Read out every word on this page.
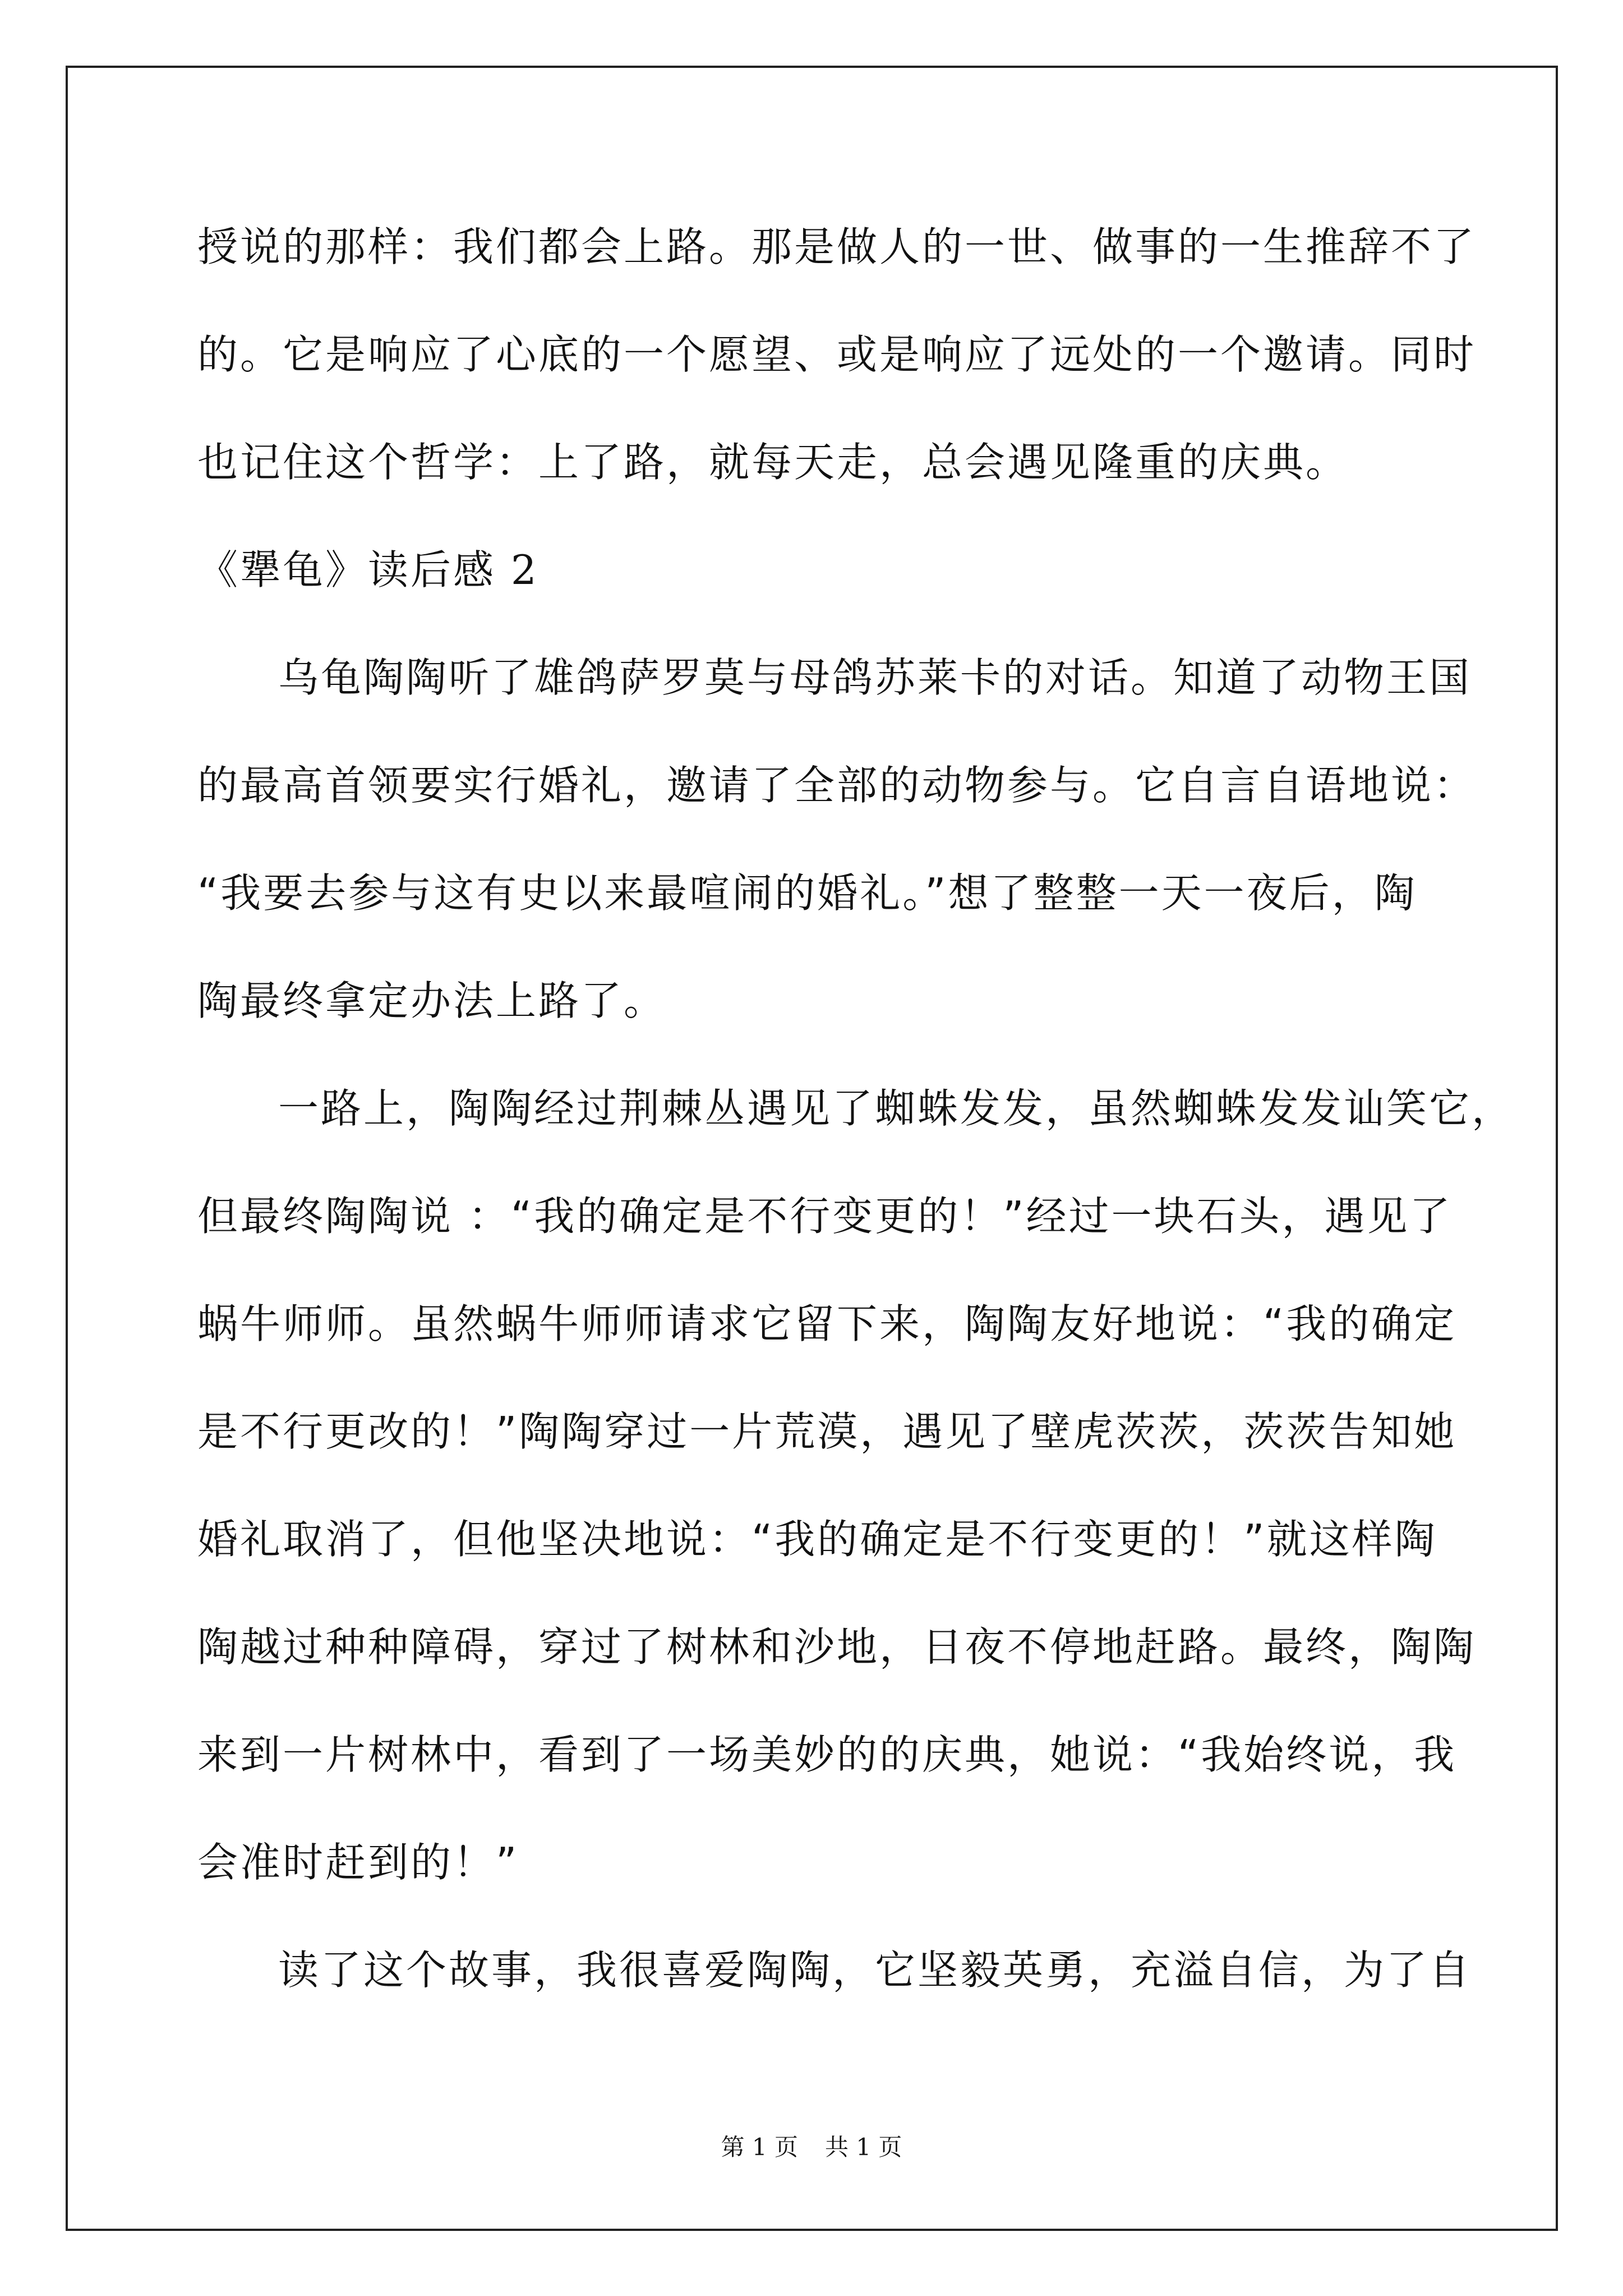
授说的那样：我们都会上路。那是做人的一世、做事的一生推辞不了
的。它是响应了心底的一个愿望、或是响应了远处的一个邀请。同时
也记住这个哲学：上了路，就每天走，总会遇见隆重的庆典。
《犟龟》读后感 2
乌龟陶陶听了雄鸽萨罗莫与母鸽苏莱卡的对话。知道了动物王国
的最高首领要实行婚礼，邀请了全部的动物参与。它自言自语地说：
“我要去参与这有史以来最喧闹的婚礼。”想了整整一天一夜后，陶
陶最终拿定办法上路了。
一路上，陶陶经过荆棘丛遇见了蜘蛛发发，虽然蜘蛛发发讪笑它，
但最终陶陶说 ：“我的确定是不行变更的！”经过一块石头，遇见了
蜗牛师师。虽然蜗牛师师请求它留下来，陶陶友好地说：“我的确定
是不行更改的！”陶陶穿过一片荒漠，遇见了壁虎茨茨，茨茨告知她
婚礼取消了，但他坚决地说：“我的确定是不行变更的！”就这样陶
陶越过种种障碍，穿过了树林和沙地，日夜不停地赶路。最终，陶陶
来到一片树林中，看到了一场美妙的的庆典，她说：“我始终说，我
会准时赶到的！”
读了这个故事，我很喜爱陶陶，它坚毅英勇，充溢自信，为了自
第 1 页 共 1 页
